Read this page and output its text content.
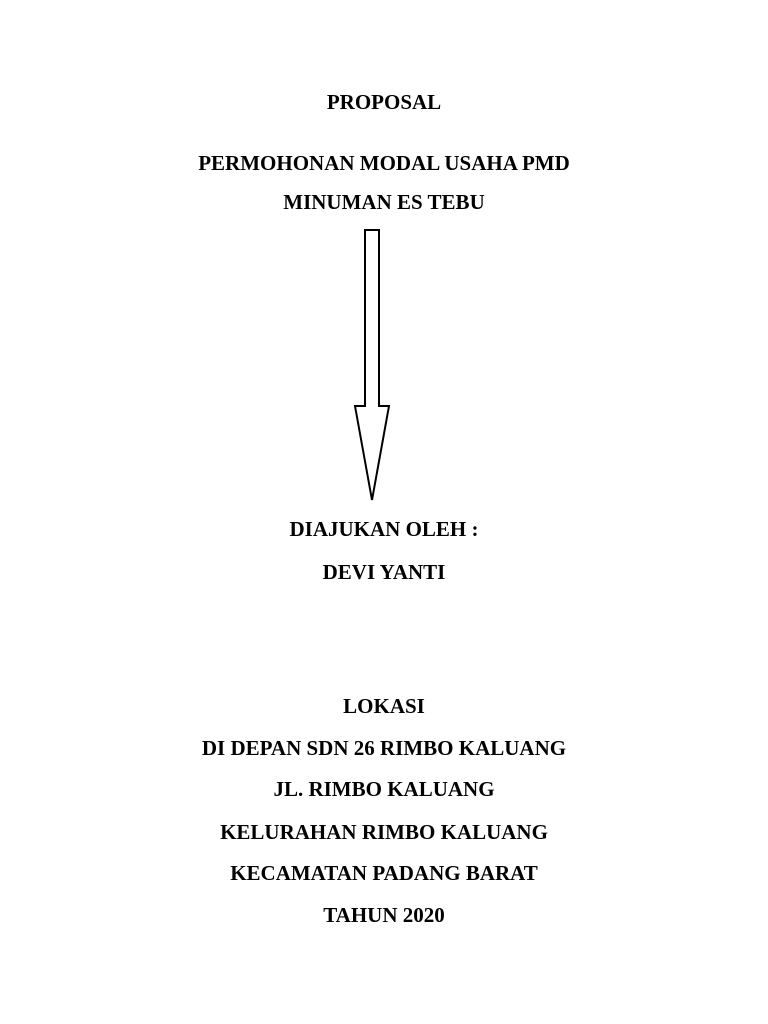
PROPOSAL
PERMOHONAN MODAL USAHA PMD
MINUMAN ES TEBU
DIAJUKAN OLEH :
DEVI YANTI
LOKASI
DI DEPAN SDN 26 RIMBO KALUANG
JL. RIMBO KALUANG
KELURAHAN RIMBO KALUANG
KECAMATAN PADANG BARAT
TAHUN 2020
